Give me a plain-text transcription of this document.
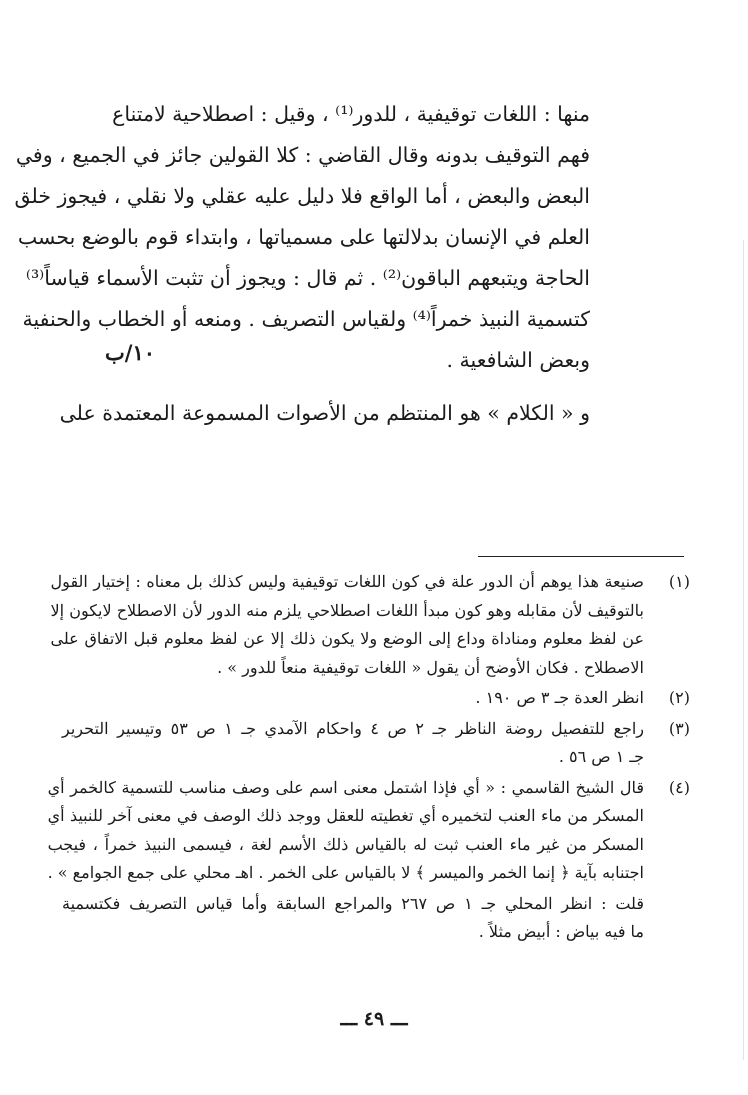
منها : اللغات توقيفية ، للدور⁽¹⁾ ، وقيل : اصطلاحية لامتناع
فهم التوقيف بدونه وقال القاضي : كلا القولين جائز في الجميع ، وفي
البعض والبعض ، أما الواقع فلا دليل عليه عقلي ولا نقلي ، فيجوز خلق
العلم في الإنسان بدلالتها على مسمياتها ، وابتداء قوم بالوضع بحسب
الحاجة ويتبعهم الباقون⁽²⁾ . ثم قال : ويجوز أن تثبت الأسماء قياساً⁽³⁾
كتسمية النبيذ خمراً⁽⁴⁾ ولقياس التصريف . ومنعه أو الخطاب والحنفية
وبعض الشافعية .
و « الكلام » هو المنتظم من الأصوات المسموعة المعتمدة على
١٠/ب
(١)
صنيعة هذا يوهم أن الدور علة في كون اللغات توقيفية وليس كذلك بل معناه : إختيار القول
بالتوقيف لأن مقابله وهو كون مبدأ اللغات اصطلاحي يلزم منه الدور لأن الاصطلاح لايكون إلا
عن لفظ معلوم ومناداة وداع إلى الوضع ولا يكون ذلك إلا عن لفظ معلوم قبل الاتفاق على
الاصطلاح . فكان الأوضح أن يقول « اللغات توقيفية منعاً للدور » .
(٢)
انظر العدة جـ ٣ ص ١٩٠ .
(٣)
راجع للتفصيل روضة الناظر جـ ٢ ص ٤ واحكام الآمدي جـ ١ ص ٥٣ وتيسير التحرير
جـ ١ ص ٥٦ .
(٤)
قال الشيخ القاسمي : « أي فإذا اشتمل معنى اسم على وصف مناسب للتسمية كالخمر أي
المسكر من ماء العنب لتخميره أي تغطيته للعقل ووجد ذلك الوصف في معنى آخر للنبيذ أي
المسكر من غير ماء العنب ثبت له بالقياس ذلك الأسم لغة ، فيسمى النبيذ خمراً ، فيجب
اجتنابه بآية ﴿ إنما الخمر والميسر ﴾ لا بالقياس على الخمر . اهـ محلي على جمع الجوامع » .
قلت : انظر المحلي جـ ١ ص ٢٦٧ والمراجع السابقة وأما قياس التصريف فكتسمية
ما فيه بياض : أبيض مثلاً .
ـــ ٤٩ ـــ
